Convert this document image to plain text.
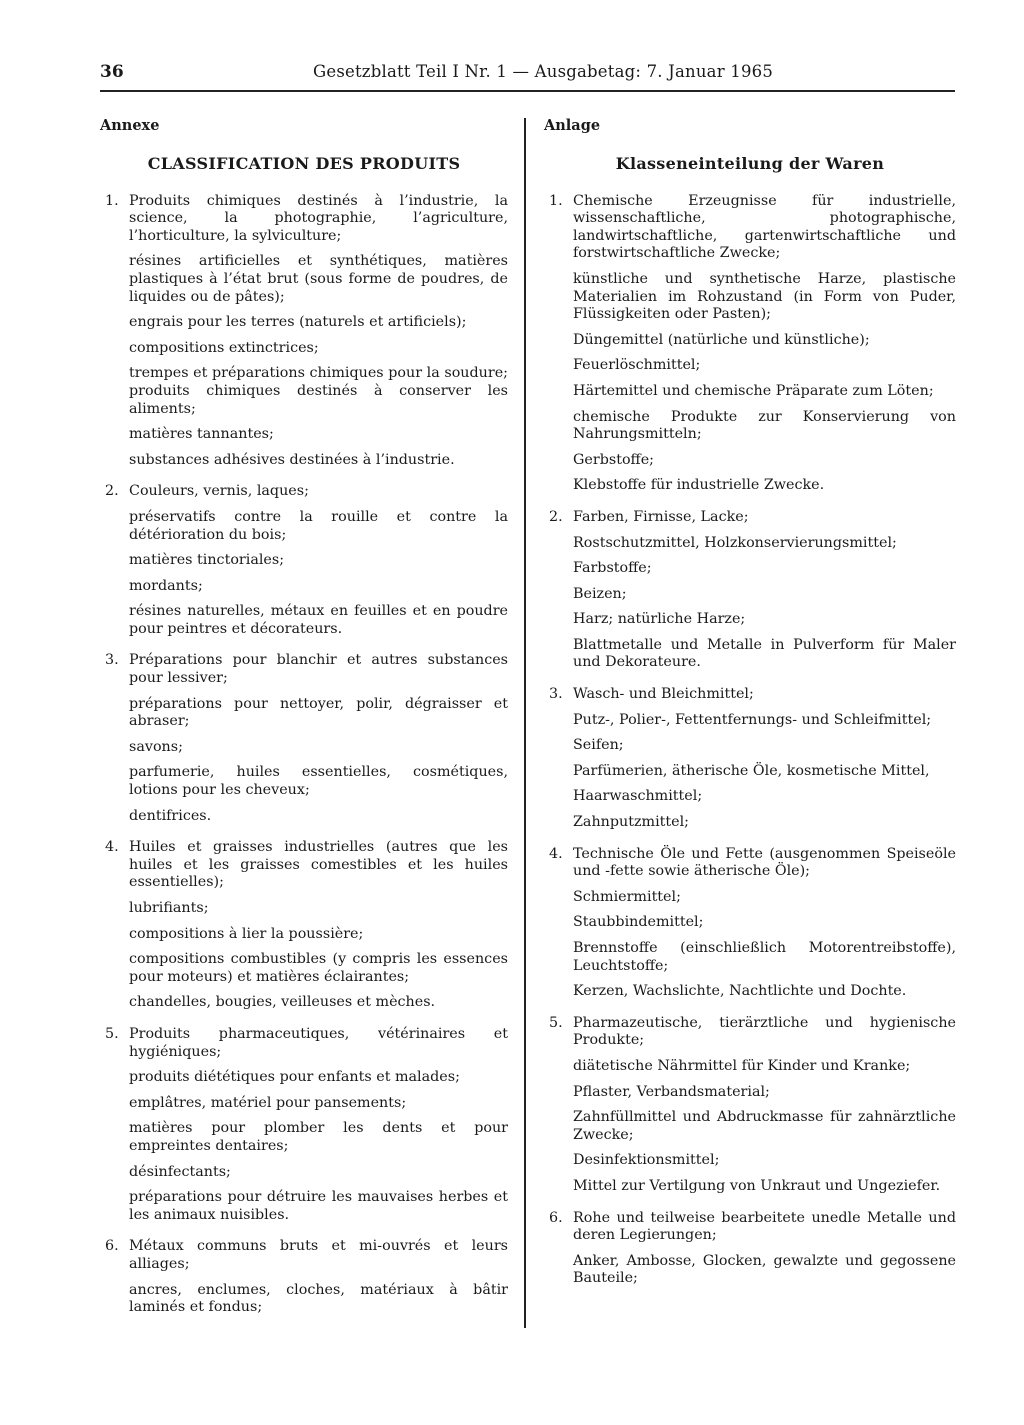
36	Gesetzblatt Teil I Nr. 1 — Ausgabetag: 7. Januar 1965
Annexe
CLASSIFICATION DES PRODUITS
1. Produits chimiques destinés à l’industrie, la science, la photographie, l’agriculture, l’horticulture, la sylviculture;
résines artificielles et synthétiques, matières plastiques à l’état brut (sous forme de poudres, de liquides ou de pâtes);
engrais pour les terres (naturels et artificiels);
compositions extinctrices;
trempes et préparations chimiques pour la soudure; produits chimiques destinés à conserver les aliments;
matières tannantes;
substances adhésives destinées à l’industrie.
2. Couleurs, vernis, laques;
préservatifs contre la rouille et contre la détérioration du bois;
matières tinctoriales;
mordants;
résines naturelles, métaux en feuilles et en poudre pour peintres et décorateurs.
3. Préparations pour blanchir et autres substances pour lessiver;
préparations pour nettoyer, polir, dégraisser et abraser;
savons;
parfumerie, huiles essentielles, cosmétiques, lotions pour les cheveux;
dentifrices.
4. Huiles et graisses industrielles (autres que les huiles et les graisses comestibles et les huiles essentielles);
lubrifiants;
compositions à lier la poussière;
compositions combustibles (y compris les essences pour moteurs) et matières éclairantes;
chandelles, bougies, veilleuses et mèches.
5. Produits pharmaceutiques, vétérinaires et hygiéniques;
produits diététiques pour enfants et malades;
emplâtres, matériel pour pansements;
matières pour plomber les dents et pour empreintes dentaires;
désinfectants;
préparations pour détruire les mauvaises herbes et les animaux nuisibles.
6. Métaux communs bruts et mi-ouvrés et leurs alliages;
ancres, enclumes, cloches, matériaux à bâtir laminés et fondus;
Anlage
Klasseneinteilung der Waren
1. Chemische Erzeugnisse für industrielle, wissenschaftliche, photographische, landwirtschaftliche, gartenwirtschaftliche und forstwirtschaftliche Zwecke;
künstliche und synthetische Harze, plastische Materialien im Rohzustand (in Form von Puder, Flüssigkeiten oder Pasten);
Düngemittel (natürliche und künstliche);
Feuerlöschmittel;
Härtemittel und chemische Präparate zum Löten;
chemische Produkte zur Konservierung von Nahrungsmitteln;
Gerbstoffe;
Klebstoffe für industrielle Zwecke.
2. Farben, Firnisse, Lacke;
Rostschutzmittel, Holzkonservierungsmittel;
Farbstoffe;
Beizen;
Harz; natürliche Harze;
Blattmetalle und Metalle in Pulverform für Maler und Dekorateure.
3. Wasch- und Bleichmittel;
Putz-, Polier-, Fettentfernungs- und Schleifmittel;
Seifen;
Parfümerien, ätherische Öle, kosmetische Mittel,
Haarwaschmittel;
Zahnputzmittel;
4. Technische Öle und Fette (ausgenommen Speiseöle und -fette sowie ätherische Öle);
Schmiermittel;
Staubbindemittel;
Brennstoffe (einschließlich Motorentreibstoffe), Leuchtstoffe;
Kerzen, Wachslichte, Nachtlichte und Dochte.
5. Pharmazeutische, tierärztliche und hygienische Produkte;
diätetische Nährmittel für Kinder und Kranke;
Pflaster, Verbandsmaterial;
Zahnfüllmittel und Abdruckmasse für zahnärztliche Zwecke;
Desinfektionsmittel;
Mittel zur Vertilgung von Unkraut und Ungeziefer.
6. Rohe und teilweise bearbeitete unedle Metalle und deren Legierungen;
Anker, Ambosse, Glocken, gewalzte und gegossene Bauteile;
